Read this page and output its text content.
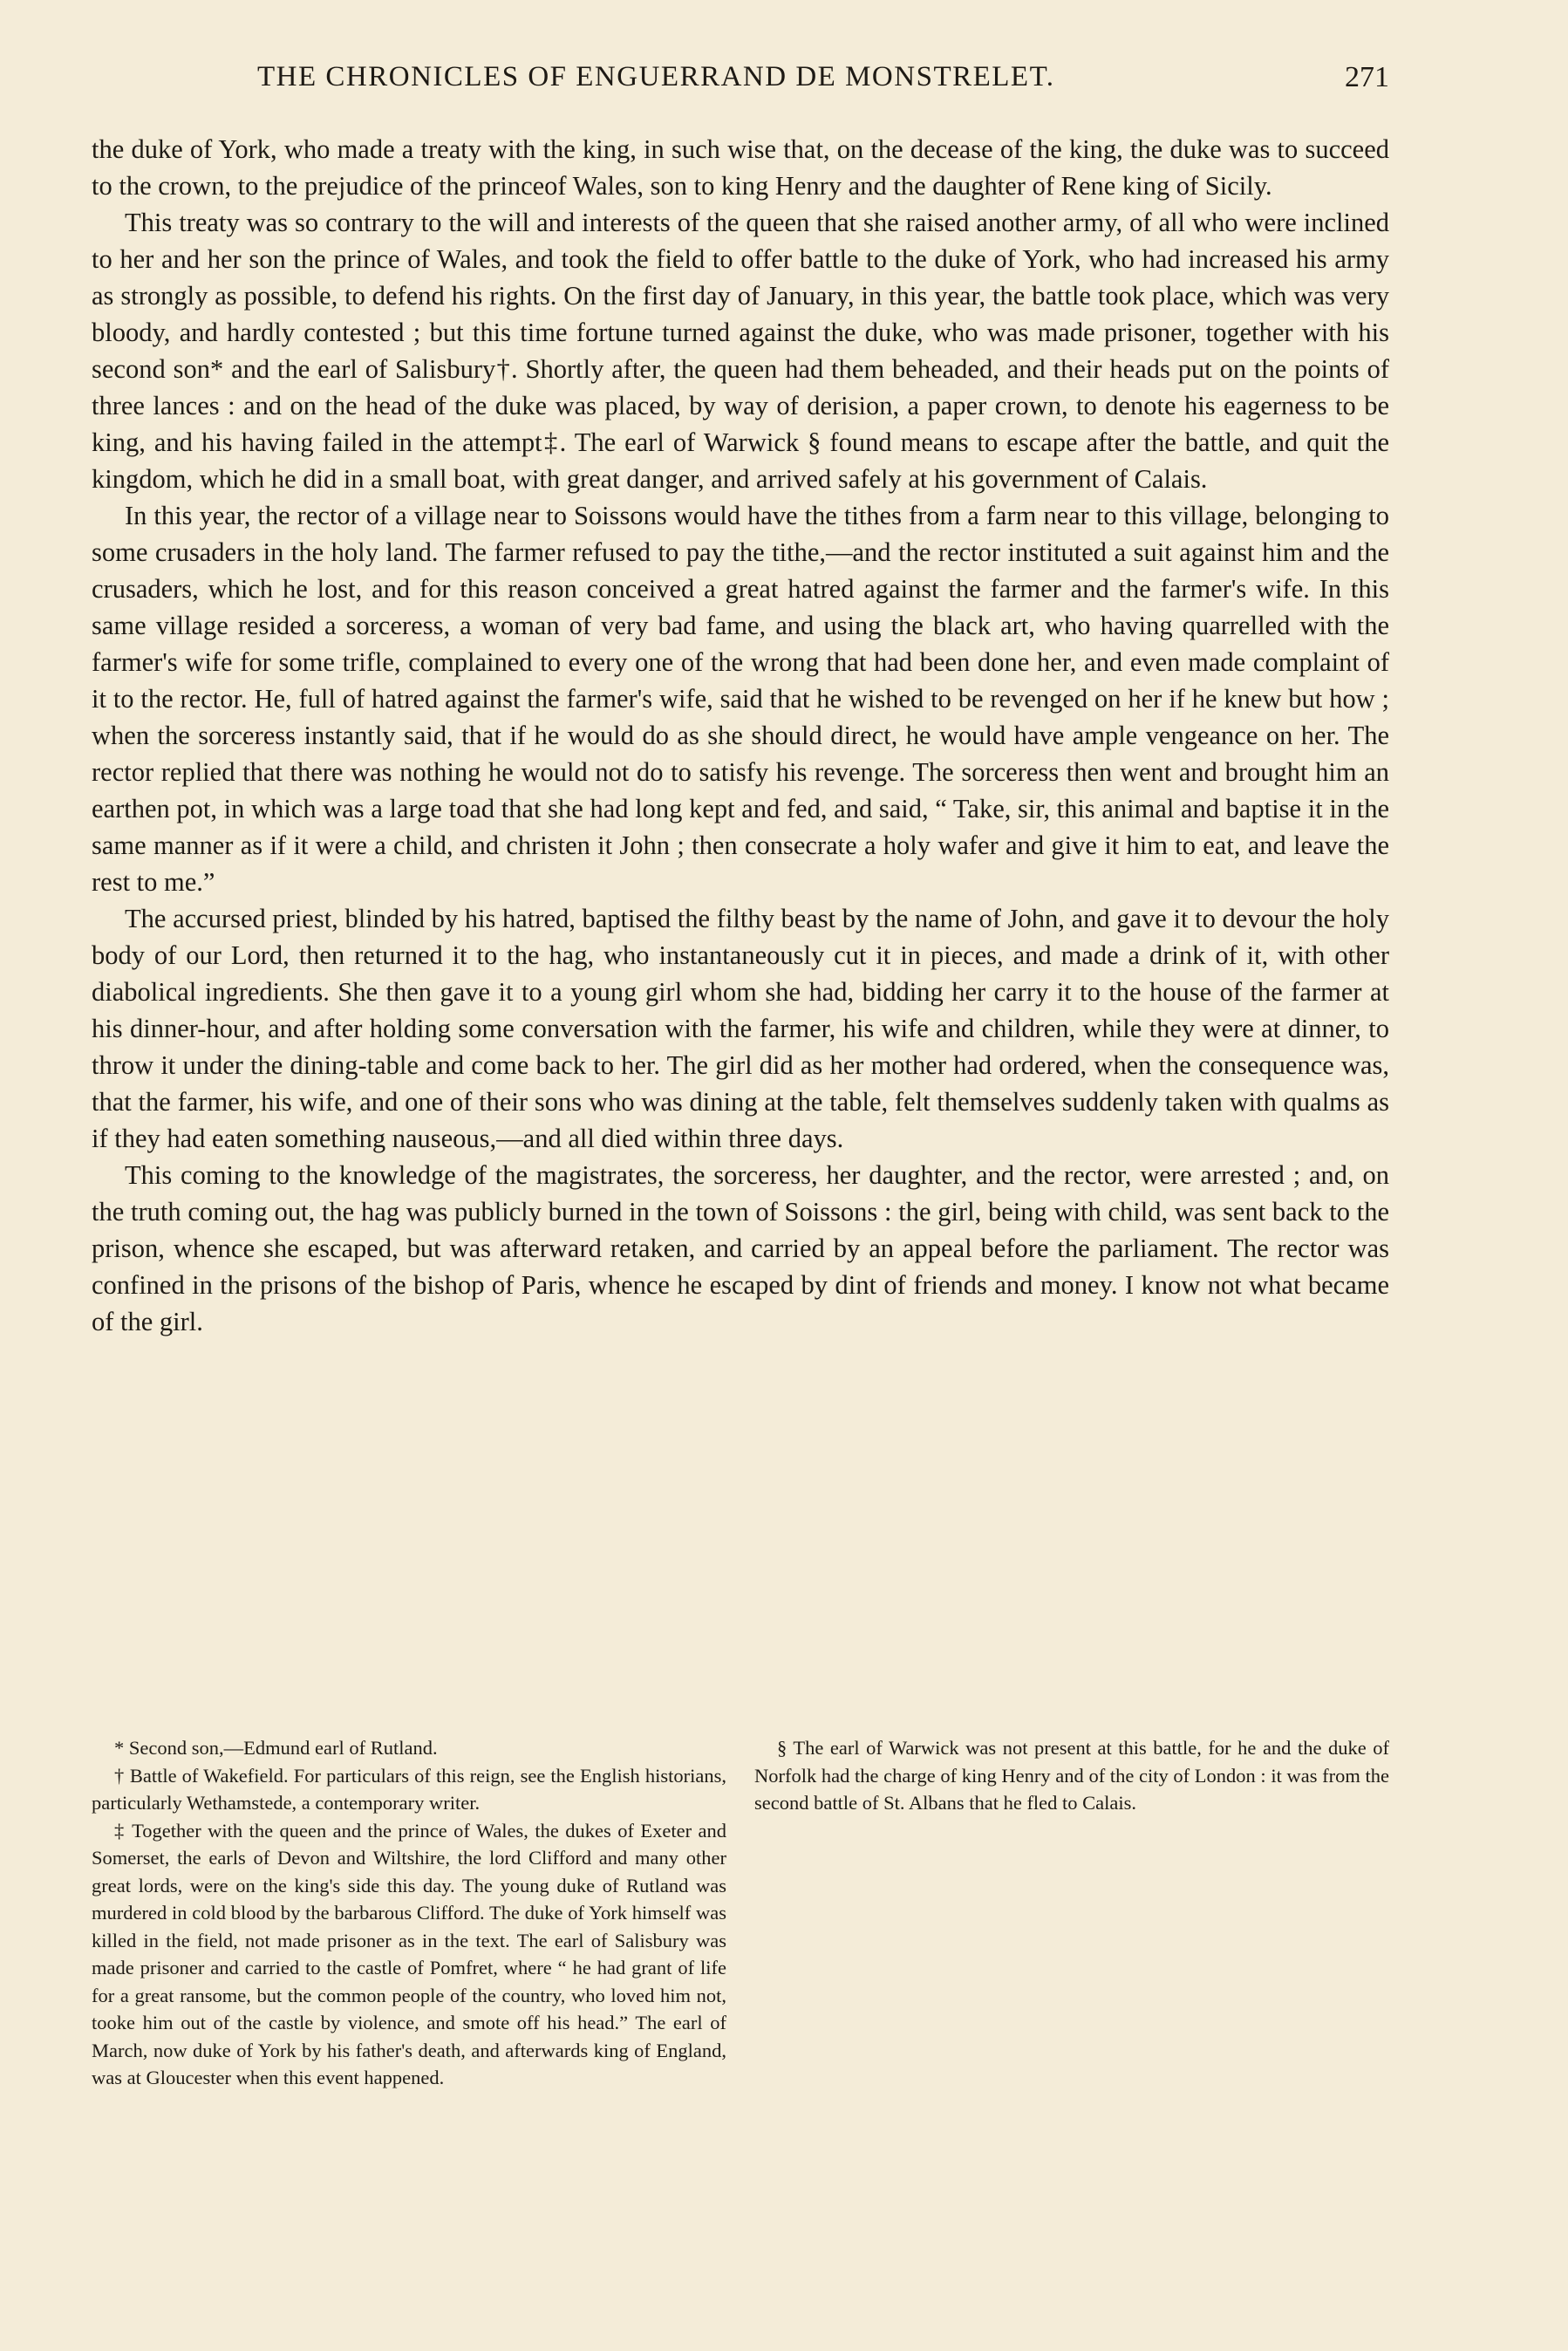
THE CHRONICLES OF ENGUERRAND DE MONSTRELET.	271

the duke of York, who made a treaty with the king, in such wise that, on the decease of the king, the duke was to succeed to the crown, to the prejudice of the princeof Wales, son to king Henry and the daughter of Rene king of Sicily.

This treaty was so contrary to the will and interests of the queen that she raised another army, of all who were inclined to her and her son the prince of Wales, and took the field to offer battle to the duke of York, who had increased his army as strongly as possible, to defend his rights. On the first day of January, in this year, the battle took place, which was very bloody, and hardly contested ; but this time fortune turned against the duke, who was made prisoner, together with his second son* and the earl of Salisbury†. Shortly after, the queen had them beheaded, and their heads put on the points of three lances : and on the head of the duke was placed, by way of derision, a paper crown, to denote his eagerness to be king, and his having failed in the attempt‡. The earl of Warwick § found means to escape after the battle, and quit the kingdom, which he did in a small boat, with great danger, and arrived safely at his government of Calais.

In this year, the rector of a village near to Soissons would have the tithes from a farm near to this village, belonging to some crusaders in the holy land. The farmer refused to pay the tithe,—and the rector instituted a suit against him and the crusaders, which he lost, and for this reason conceived a great hatred against the farmer and the farmer's wife. In this same village resided a sorceress, a woman of very bad fame, and using the black art, who having quarrelled with the farmer's wife for some trifle, complained to every one of the wrong that had been done her, and even made complaint of it to the rector. He, full of hatred against the farmer's wife, said that he wished to be revenged on her if he knew but how ; when the sorceress instantly said, that if he would do as she should direct, he would have ample vengeance on her. The rector replied that there was nothing he would not do to satisfy his revenge. The sorceress then went and brought him an earthen pot, in which was a large toad that she had long kept and fed, and said, “ Take, sir, this animal and baptise it in the same manner as if it were a child, and christen it John ; then consecrate a holy wafer and give it him to eat, and leave the rest to me.”

The accursed priest, blinded by his hatred, baptised the filthy beast by the name of John, and gave it to devour the holy body of our Lord, then returned it to the hag, who instantaneously cut it in pieces, and made a drink of it, with other diabolical ingredients. She then gave it to a young girl whom she had, bidding her carry it to the house of the farmer at his dinner-hour, and after holding some conversation with the farmer, his wife and children, while they were at dinner, to throw it under the dining-table and come back to her. The girl did as her mother had ordered, when the consequence was, that the farmer, his wife, and one of their sons who was dining at the table, felt themselves suddenly taken with qualms as if they had eaten something nauseous,—and all died within three days.

This coming to the knowledge of the magistrates, the sorceress, her daughter, and the rector, were arrested ; and, on the truth coming out, the hag was publicly burned in the town of Soissons : the girl, being with child, was sent back to the prison, whence she escaped, but was afterward retaken, and carried by an appeal before the parliament. The rector was confined in the prisons of the bishop of Paris, whence he escaped by dint of friends and money. I know not what became of the girl.

* Second son,—Edmund earl of Rutland.

† Battle of Wakefield. For particulars of this reign, see the English historians, particularly Wethamstede, a contemporary writer.

‡ Together with the queen and the prince of Wales, the dukes of Exeter and Somerset, the earls of Devon and Wiltshire, the lord Clifford and many other great lords, were on the king's side this day. The young duke of Rutland was murdered in cold blood by the barbarous Clifford. The duke of York himself was killed in the field, not made prisoner as in the text. The earl of Salisbury was made prisoner and carried to the castle of Pomfret, where “ he had grant of life for a great ransome, but the common people of the country, who loved him not, tooke him out of the castle by violence, and smote off his head.” The earl of March, now duke of York by his father's death, and afterwards king of England, was at Gloucester when this event happened.

§ The earl of Warwick was not present at this battle, for he and the duke of Norfolk had the charge of king Henry and of the city of London : it was from the second battle of St. Albans that he fled to Calais.
